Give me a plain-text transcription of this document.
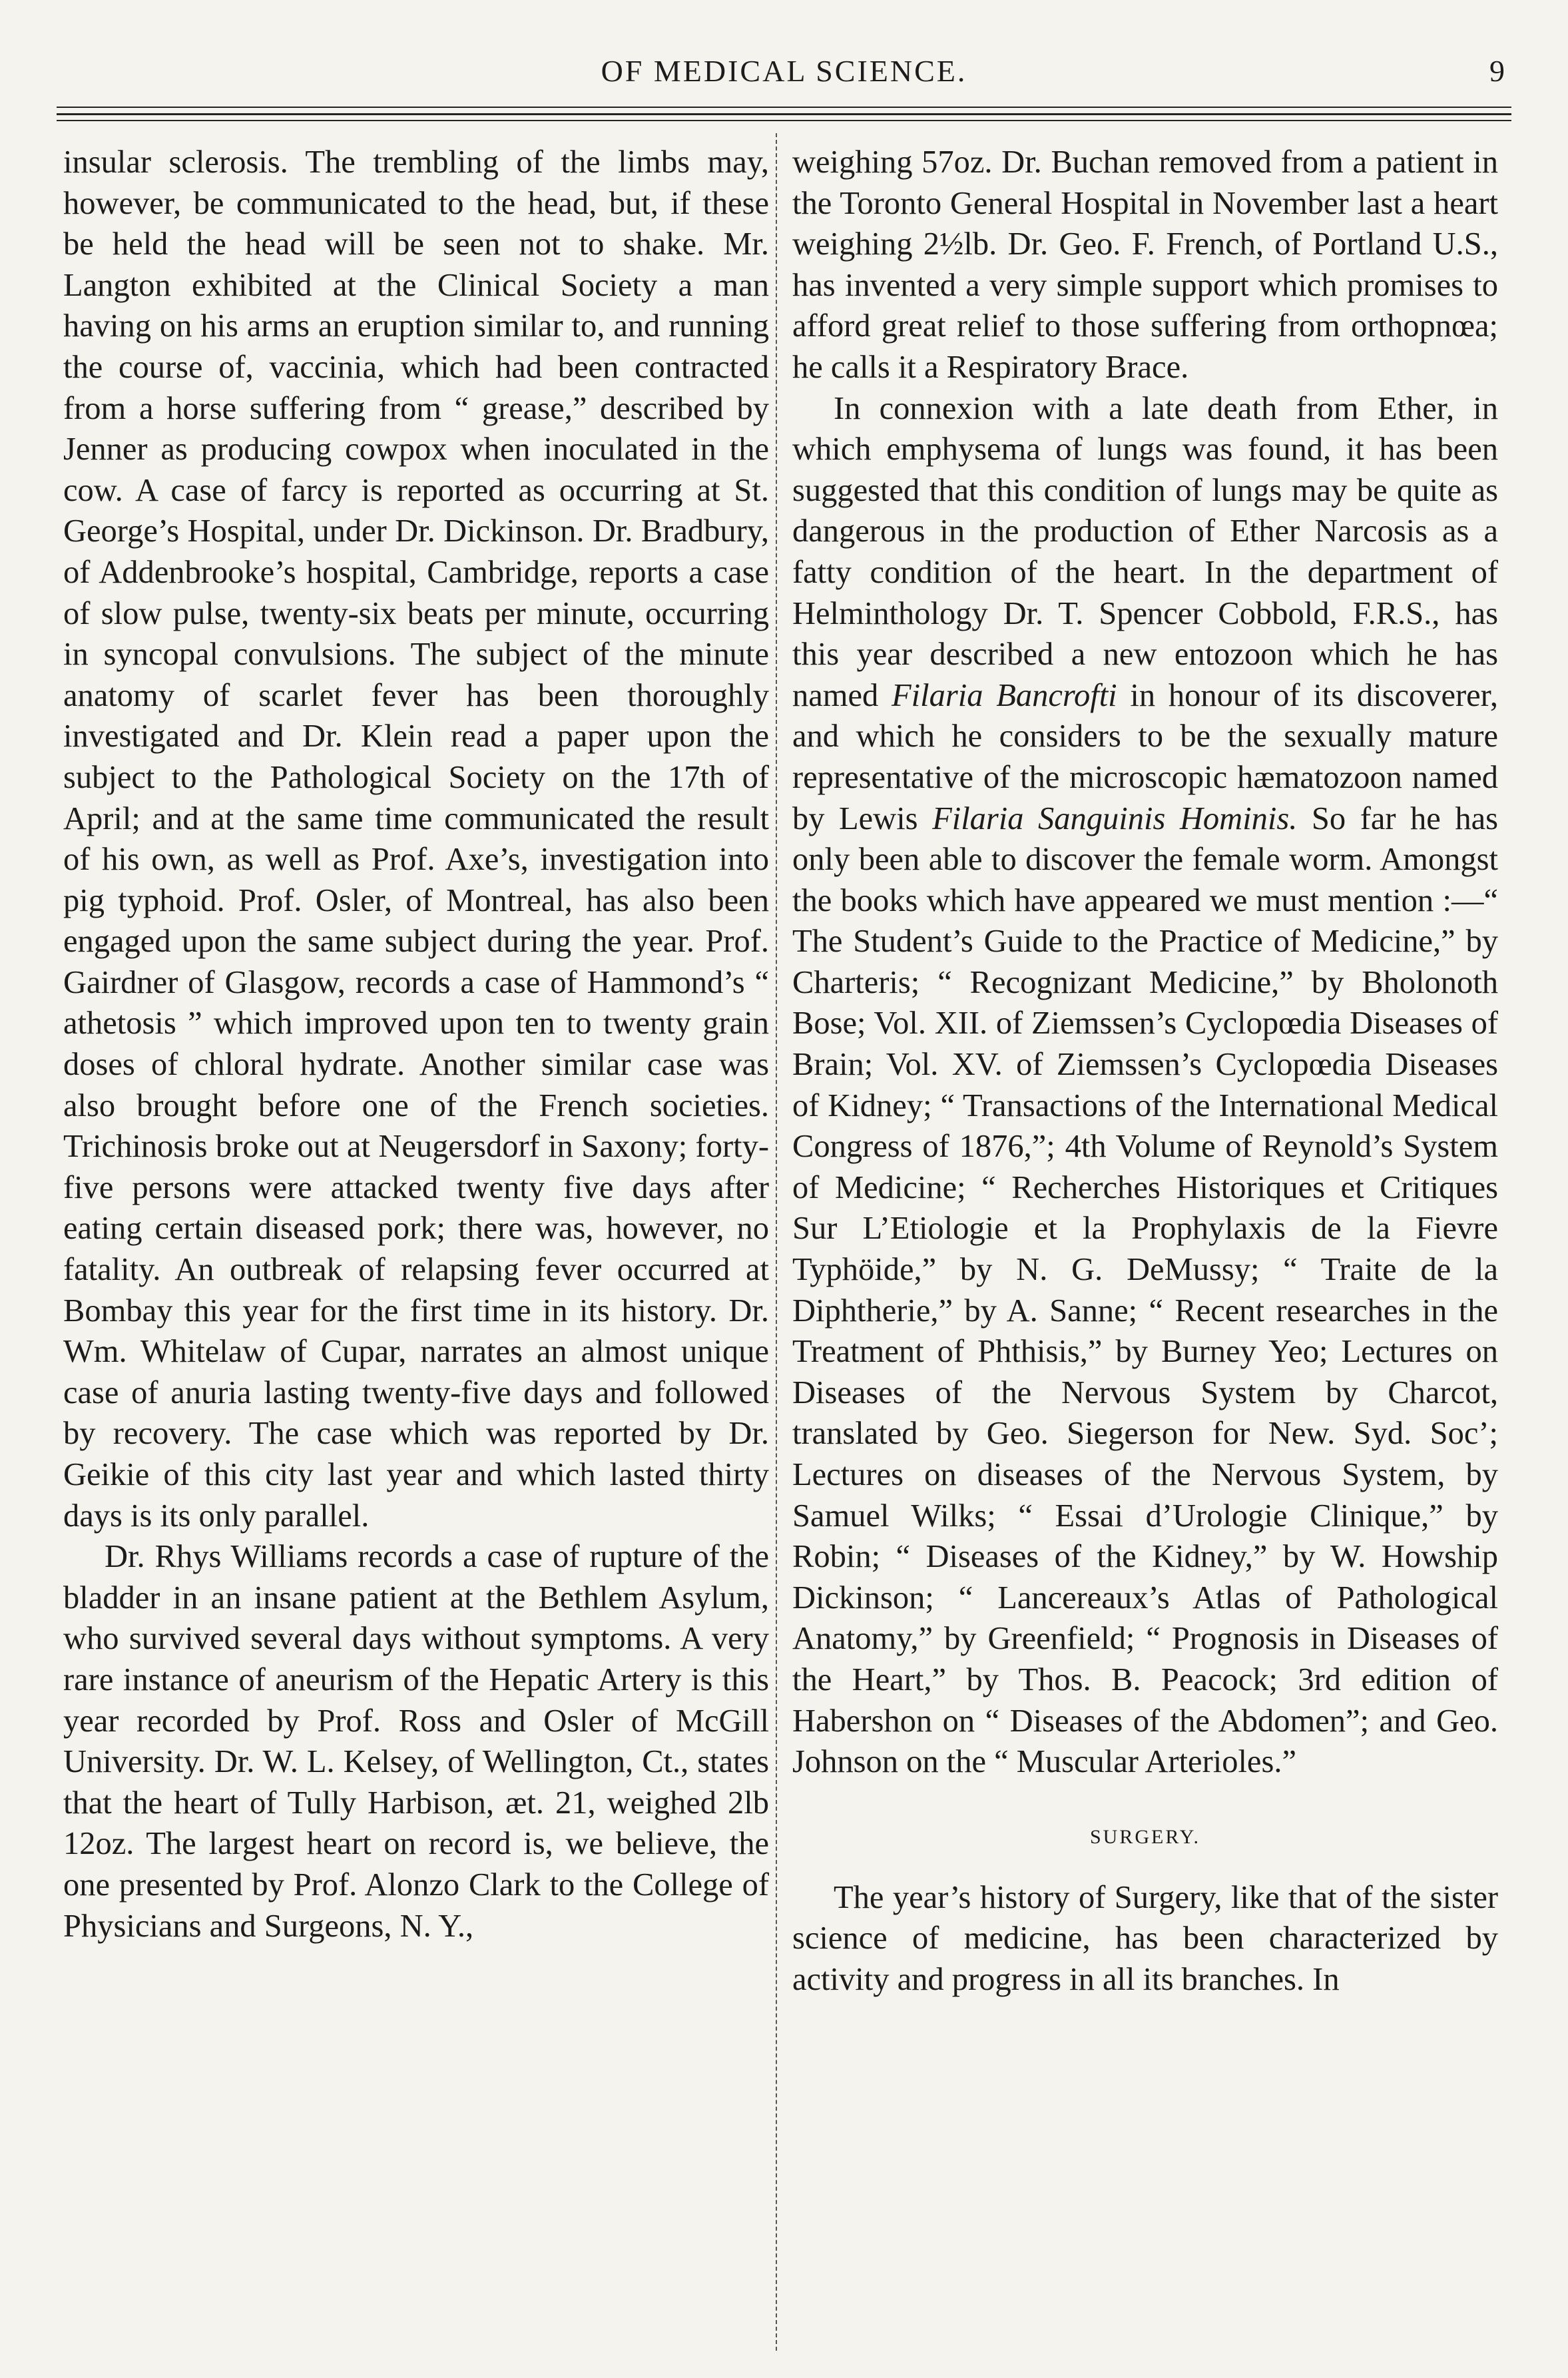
OF MEDICAL SCIENCE.	9

insular sclerosis. The trembling of the limbs may, however, be communicated to the head, but, if these be held the head will be seen not to shake. Mr. Langton exhibited at the Clinical Society a man having on his arms an eruption similar to, and running the course of, vaccinia, which had been contracted from a horse suffering from “ grease,” described by Jenner as producing cowpox when inoculated in the cow. A case of farcy is reported as occurring at St. George’s Hospital, under Dr. Dickinson. Dr. Bradbury, of Addenbrooke’s hospital, Cambridge, reports a case of slow pulse, twenty-six beats per minute, occurring in syncopal convulsions. The subject of the minute anatomy of scarlet fever has been thoroughly investigated and Dr. Klein read a paper upon the subject to the Pathological Society on the 17th of April; and at the same time communicated the result of his own, as well as Prof. Axe’s, investigation into pig typhoid. Prof. Osler, of Montreal, has also been engaged upon the same subject during the year. Prof. Gairdner of Glasgow, records a case of Hammond’s “ athetosis ” which improved upon ten to twenty grain doses of chloral hydrate. Another similar case was also brought before one of the French societies. Trichinosis broke out at Neugersdorf in Saxony; forty-five persons were attacked twenty five days after eating certain diseased pork; there was, however, no fatality. An outbreak of relapsing fever occurred at Bombay this year for the first time in its history. Dr. Wm. Whitelaw of Cupar, narrates an almost unique case of anuria lasting twenty-five days and followed by recovery. The case which was reported by Dr. Geikie of this city last year and which lasted thirty days is its only parallel.

Dr. Rhys Williams records a case of rupture of the bladder in an insane patient at the Bethlem Asylum, who survived several days without symptoms. A very rare instance of aneurism of the Hepatic Artery is this year recorded by Prof. Ross and Osler of McGill University. Dr. W. L. Kelsey, of Wellington, Ct., states that the heart of Tully Harbison, æt. 21, weighed 2lb 12oz. The largest heart on record is, we believe, the one presented by Prof. Alonzo Clark to the College of Physicians and Surgeons, N. Y.,

weighing 57oz. Dr. Buchan removed from a patient in the Toronto General Hospital in November last a heart weighing 2½lb. Dr. Geo. F. French, of Portland U.S., has invented a very simple support which promises to afford great relief to those suffering from orthopnœa; he calls it a Respiratory Brace.

In connexion with a late death from Ether, in which emphysema of lungs was found, it has been suggested that this condition of lungs may be quite as dangerous in the production of Ether Narcosis as a fatty condition of the heart. In the department of Helminthology Dr. T. Spencer Cobbold, F.R.S., has this year described a new entozoon which he has named Filaria Bancrofti in honour of its discoverer, and which he considers to be the sexually mature representative of the microscopic hæmatozoon named by Lewis Filaria Sanguinis Hominis. So far he has only been able to discover the female worm. Amongst the books which have appeared we must mention :—“ The Student’s Guide to the Practice of Medicine,” by Charteris; “ Recognizant Medicine,” by Bholonoth Bose; Vol. XII. of Ziemssen’s Cyclopœdia Diseases of Brain; Vol. XV. of Ziemssen’s Cyclopœdia Diseases of Kidney; “ Transactions of the International Medical Congress of 1876,”; 4th Volume of Reynold’s System of Medicine; “ Recherches Historiques et Critiques Sur L’Etiologie et la Prophylaxis de la Fievre Typhöide,” by N. G. DeMussy; “ Traite de la Diphtherie,” by A. Sanne; “ Recent researches in the Treatment of Phthisis,” by Burney Yeo; Lectures on Diseases of the Nervous System by Charcot, translated by Geo. Siegerson for New. Syd. Soc’; Lectures on diseases of the Nervous System, by Samuel Wilks; “ Essai d’Urologie Clinique,” by Robin; “ Diseases of the Kidney,” by W. Howship Dickinson; “ Lancereaux’s Atlas of Pathological Anatomy,” by Greenfield; “ Prognosis in Diseases of the Heart,” by Thos. B. Peacock; 3rd edition of Habershon on “ Diseases of the Abdomen”; and Geo. Johnson on the “ Muscular Arterioles.”

SURGERY.

The year’s history of Surgery, like that of the sister science of medicine, has been characterized by activity and progress in all its branches. In
